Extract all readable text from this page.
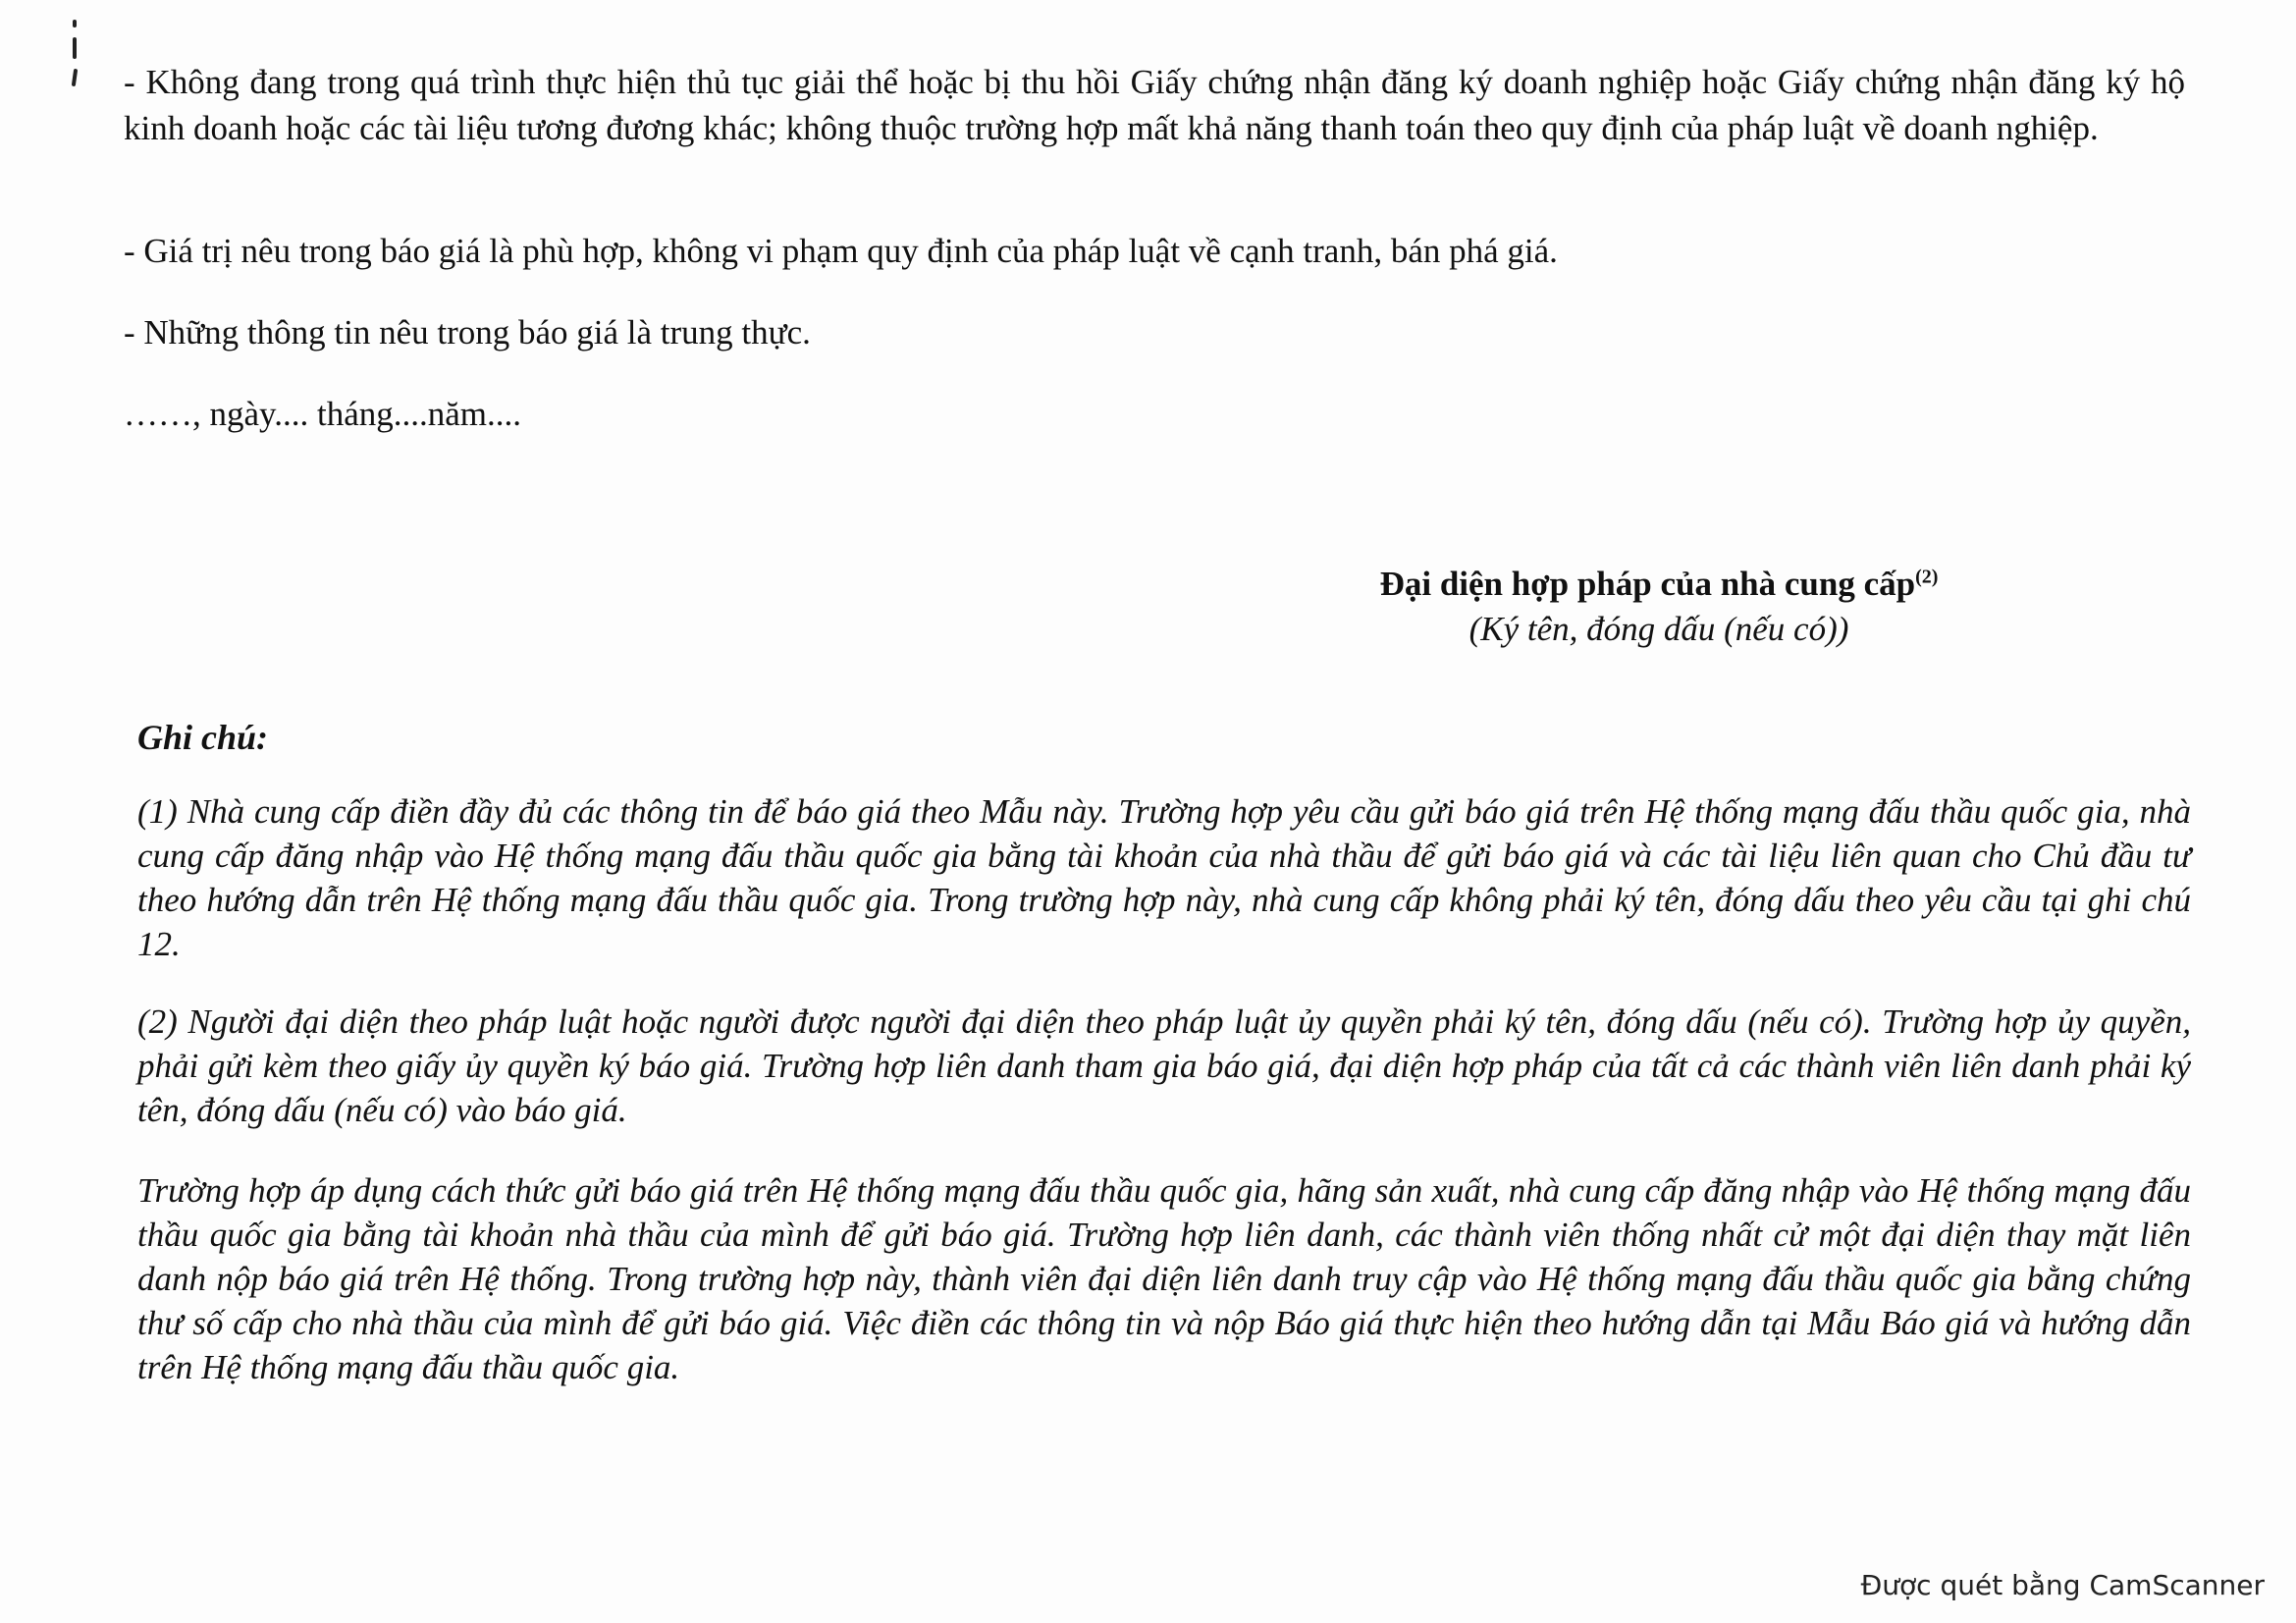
- Không đang trong quá trình thực hiện thủ tục giải thể hoặc bị thu hồi Giấy chứng nhận đăng ký doanh nghiệp hoặc Giấy chứng nhận đăng ký hộ kinh doanh hoặc các tài liệu tương đương khác; không thuộc trường hợp mất khả năng thanh toán theo quy định của pháp luật về doanh nghiệp.

- Giá trị nêu trong báo giá là phù hợp, không vi phạm quy định của pháp luật về cạnh tranh, bán phá giá.

- Những thông tin nêu trong báo giá là trung thực.

……, ngày.... tháng....năm....

Đại diện hợp pháp của nhà cung cấp$^{(2)}$

(Ký tên, đóng dấu (nếu có))

Ghi chú:

(1) Nhà cung cấp điền đầy đủ các thông tin để báo giá theo Mẫu này. Trường hợp yêu cầu gửi báo giá trên Hệ thống mạng đấu thầu quốc gia, nhà cung cấp đăng nhập vào Hệ thống mạng đấu thầu quốc gia bằng tài khoản của nhà thầu để gửi báo giá và các tài liệu liên quan cho Chủ đầu tư theo hướng dẫn trên Hệ thống mạng đấu thầu quốc gia. Trong trường hợp này, nhà cung cấp không phải ký tên, đóng dấu theo yêu cầu tại ghi chú 12.

(2) Người đại diện theo pháp luật hoặc người được người đại diện theo pháp luật ủy quyền phải ký tên, đóng dấu (nếu có). Trường hợp ủy quyền, phải gửi kèm theo giấy ủy quyền ký báo giá. Trường hợp liên danh tham gia báo giá, đại diện hợp pháp của tất cả các thành viên liên danh phải ký tên, đóng dấu (nếu có) vào báo giá.

Trường hợp áp dụng cách thức gửi báo giá trên Hệ thống mạng đấu thầu quốc gia, hãng sản xuất, nhà cung cấp đăng nhập vào Hệ thống mạng đấu thầu quốc gia bằng tài khoản nhà thầu của mình để gửi báo giá. Trường hợp liên danh, các thành viên thống nhất cử một đại diện thay mặt liên danh nộp báo giá trên Hệ thống. Trong trường hợp này, thành viên đại diện liên danh truy cập vào Hệ thống mạng đấu thầu quốc gia bằng chứng thư số cấp cho nhà thầu của mình để gửi báo giá. Việc điền các thông tin và nộp Báo giá thực hiện theo hướng dẫn tại Mẫu Báo giá và hướng dẫn trên Hệ thống mạng đấu thầu quốc gia.

Được quét bằng CamScanner
